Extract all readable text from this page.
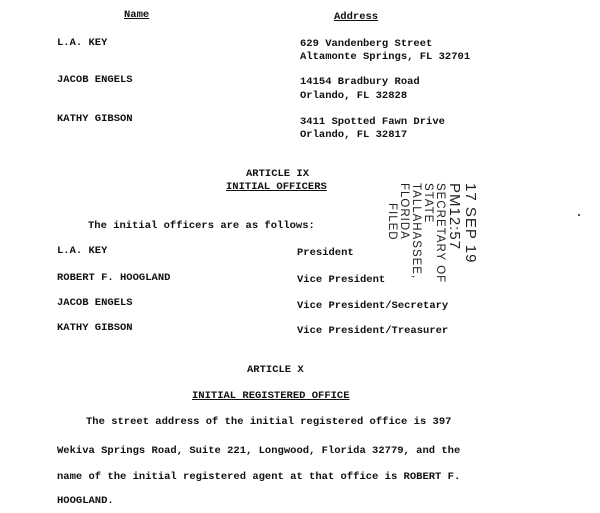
Name	Address
L.A. KEY	629 Vandenberg Street
Altamonte Springs, FL 32701
JACOB ENGELS	14154 Bradbury Road
Orlando, FL 32828
KATHY GIBSON	3411 Spotted Fawn Drive
Orlando, FL 32817
ARTICLE IX
INITIAL OFFICERS
The initial officers are as follows:
L.A. KEY	President
ROBERT F. HOOGLAND	Vice President
JACOB ENGELS	Vice President/Secretary
KATHY GIBSON	Vice President/Treasurer
ARTICLE X
INITIAL REGISTERED OFFICE
The street address of the initial registered office is 397
Wekiva Springs Road, Suite 221, Longwood, Florida 32779, and the
name of the initial registered agent at that office is ROBERT F.
HOOGLAND.
17 SEP 19 PM12:57
SECRETARY OF STATE
TALLAHASSEE, FLORIDA
FILED
